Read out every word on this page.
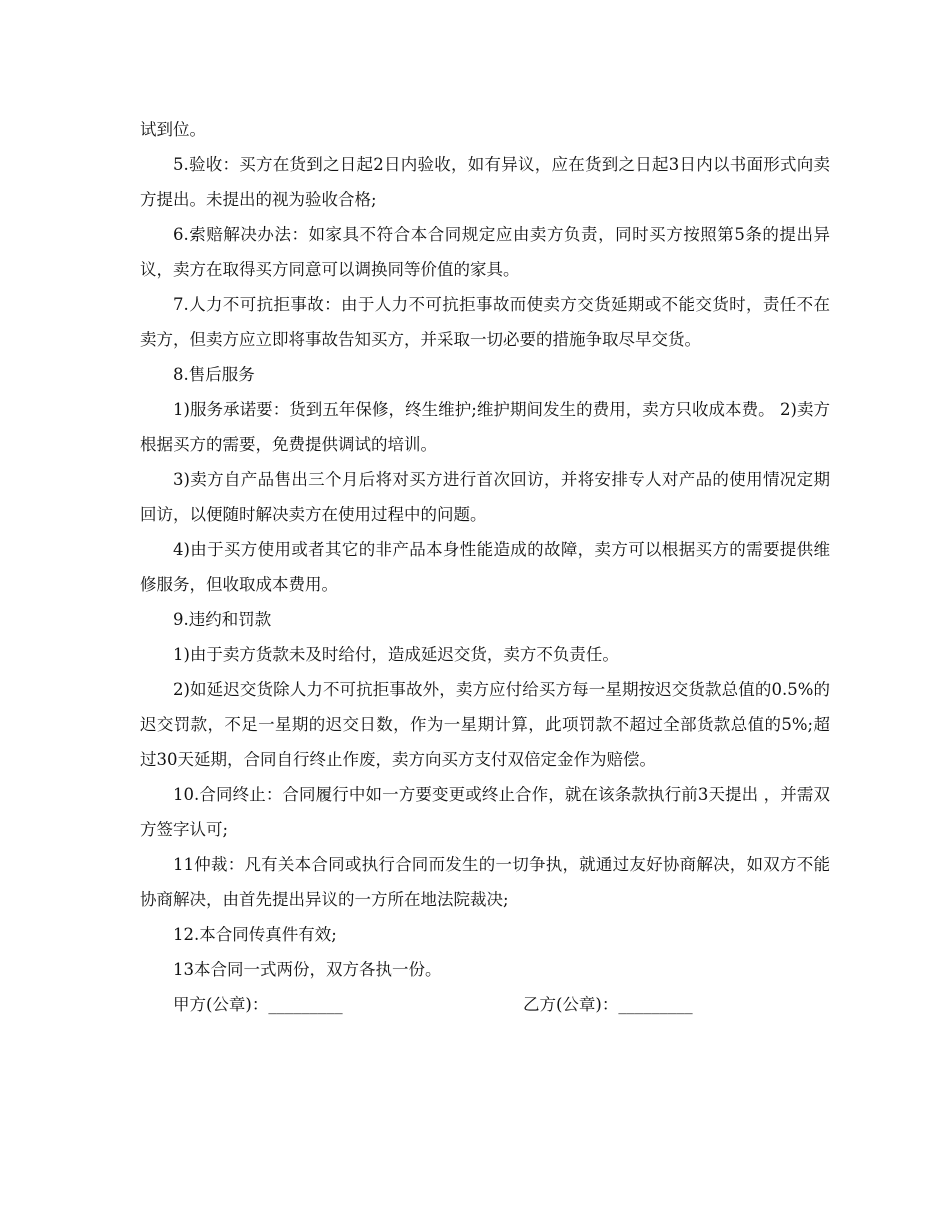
试到位。

5.验收：买方在货到之日起2日内验收，如有异议，应在货到之日起3日内以书面形式向卖方提出。未提出的视为验收合格;

6.索赔解决办法：如家具不符合本合同规定应由卖方负责，同时买方按照第5条的提出异议，卖方在取得买方同意可以调换同等价值的家具。

7.人力不可抗拒事故：由于人力不可抗拒事故而使卖方交货延期或不能交货时，责任不在卖方，但卖方应立即将事故告知买方，并采取一切必要的措施争取尽早交货。

8.售后服务

1)服务承诺要：货到五年保修，终生维护;维护期间发生的费用，卖方只收成本费。 2)卖方根据买方的需要，免费提供调试的培训。

3)卖方自产品售出三个月后将对买方进行首次回访，并将安排专人对产品的使用情况定期回访，以便随时解决卖方在使用过程中的问题。

4)由于买方使用或者其它的非产品本身性能造成的故障，卖方可以根据买方的需要提供维修服务，但收取成本费用。

9.违约和罚款

1)由于卖方货款未及时给付，造成延迟交货，卖方不负责任。

2)如延迟交货除人力不可抗拒事故外，卖方应付给买方每一星期按迟交货款总值的0.5%的迟交罚款，不足一星期的迟交日数，作为一星期计算，此项罚款不超过全部货款总值的5%;超过30天延期，合同自行终止作废，卖方向买方支付双倍定金作为赔偿。

10.合同终止：合同履行中如一方要变更或终止合作，就在该条款执行前3天提出 ，并需双方签字认可;

11仲裁：凡有关本合同或执行合同而发生的一切争执，就通过友好协商解决，如双方不能协商解决，由首先提出异议的一方所在地法院裁决;

12.本合同传真件有效;

13本合同一式两份，双方各执一份。

甲方(公章)：_________	乙方(公章)：_________
